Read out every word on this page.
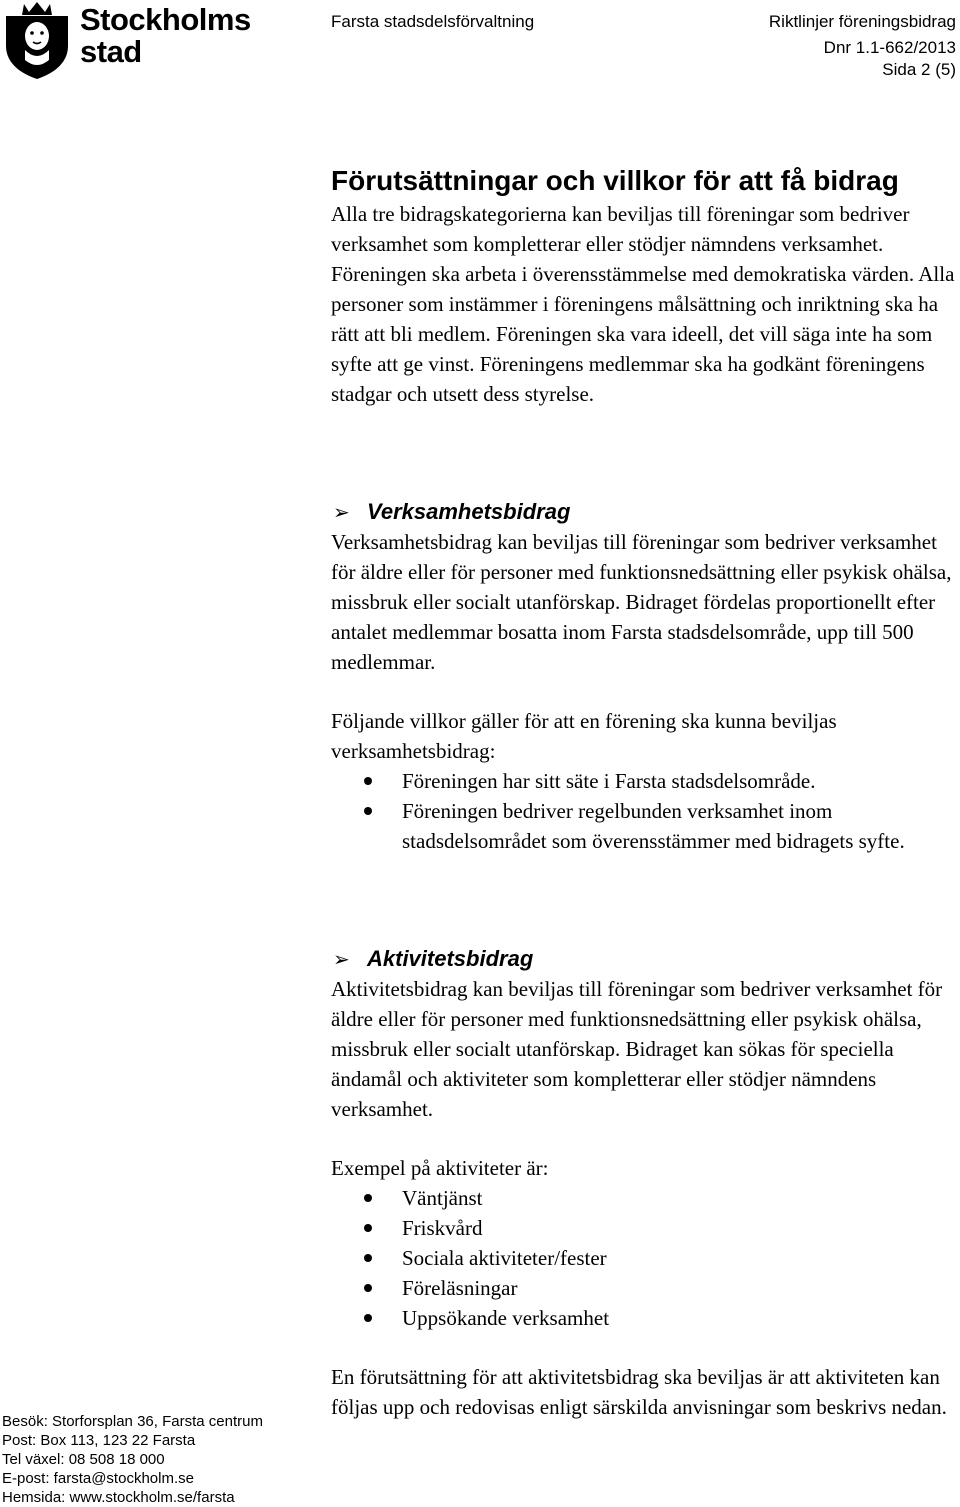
Stockholms
stad
Farsta stadsdelsförvaltning	Riktlinjer föreningsbidrag
Dnr 1.1-662/2013
Sida 2 (5)
Förutsättningar och villkor för att få bidrag

Alla tre bidragskategorierna kan beviljas till föreningar som bedriver verksamhet som kompletterar eller stödjer nämndens verksamhet. Föreningen ska arbeta i överensstämmelse med demokratiska värden. Alla personer som instämmer i föreningens målsättning och inriktning ska ha rätt att bli medlem. Föreningen ska vara ideell, det vill säga inte ha som syfte att ge vinst. Föreningens medlemmar ska ha godkänt föreningens stadgar och utsett dess styrelse.

➢ Verksamhetsbidrag

Verksamhetsbidrag kan beviljas till föreningar som bedriver verksamhet för äldre eller för personer med funktionsnedsättning eller psykisk ohälsa, missbruk eller socialt utanförskap. Bidraget fördelas proportionellt efter antalet medlemmar bosatta inom Farsta stadsdelsområde, upp till 500 medlemmar.

Följande villkor gäller för att en förening ska kunna beviljas verksamhetsbidrag:

Föreningen har sitt säte i Farsta stadsdelsområde.
Föreningen bedriver regelbunden verksamhet inom stadsdelsområdet som överensstämmer med bidragets syfte.
➢ Aktivitetsbidrag

Aktivitetsbidrag kan beviljas till föreningar som bedriver verksamhet för äldre eller för personer med funktionsnedsättning eller psykisk ohälsa, missbruk eller socialt utanförskap. Bidraget kan sökas för speciella ändamål och aktiviteter som kompletterar eller stödjer nämndens verksamhet.

Exempel på aktiviteter är:

Väntjänst
Friskvård
Sociala aktiviteter/fester
Föreläsningar
Uppsökande verksamhet

En förutsättning för att aktivitetsbidrag ska beviljas är att aktiviteten kan följas upp och redovisas enligt särskilda anvisningar som beskrivs nedan.

Besök: Storforsplan 36, Farsta centrum
Post: Box 113, 123 22 Farsta
Tel växel: 08 508 18 000
E-post: farsta@stockholm.se
Hemsida: www.stockholm.se/farsta
